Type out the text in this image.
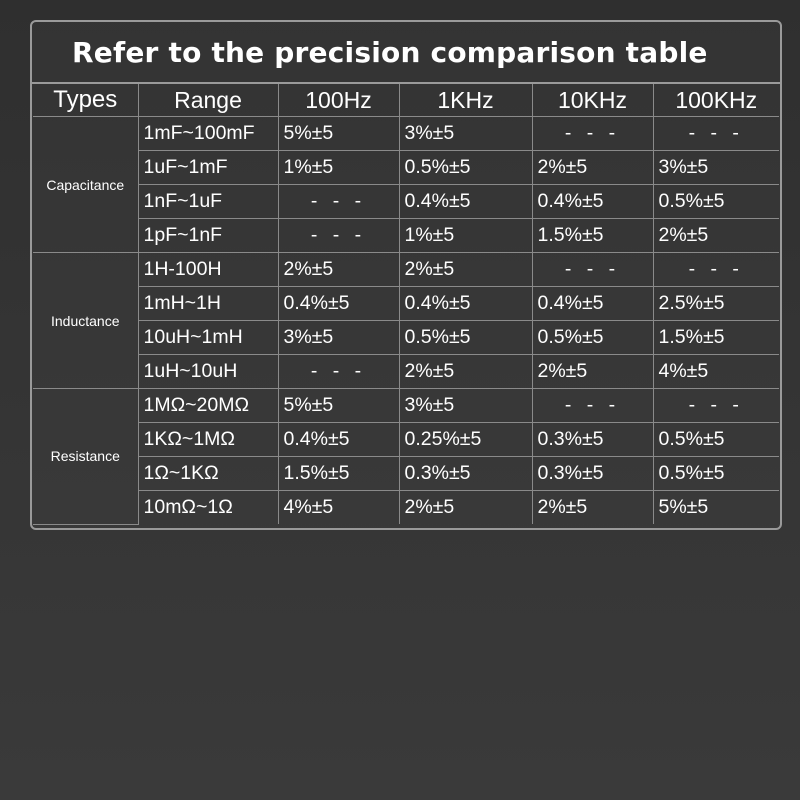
Refer to the precision comparison table
Types	Range	100Hz	1KHz	10KHz	100KHz
Capacitance	1mF~100mF	5%±5	3%±5	- - -	- - -
	1uF~1mF	1%±5	0.5%±5	2%±5	3%±5
	1nF~1uF	- - -	0.4%±5	0.4%±5	0.5%±5
	1pF~1nF	- - -	1%±5	1.5%±5	2%±5
Inductance	1H-100H	2%±5	2%±5	- - -	- - -
	1mH~1H	0.4%±5	0.4%±5	0.4%±5	2.5%±5
	10uH~1mH	3%±5	0.5%±5	0.5%±5	1.5%±5
	1uH~10uH	- - -	2%±5	2%±5	4%±5
Resistance	1MΩ~20MΩ	5%±5	3%±5	- - -	- - -
	1KΩ~1MΩ	0.4%±5	0.25%±5	0.3%±5	0.5%±5
	1Ω~1KΩ	1.5%±5	0.3%±5	0.3%±5	0.5%±5
	10mΩ~1Ω	4%±5	2%±5	2%±5	5%±5
